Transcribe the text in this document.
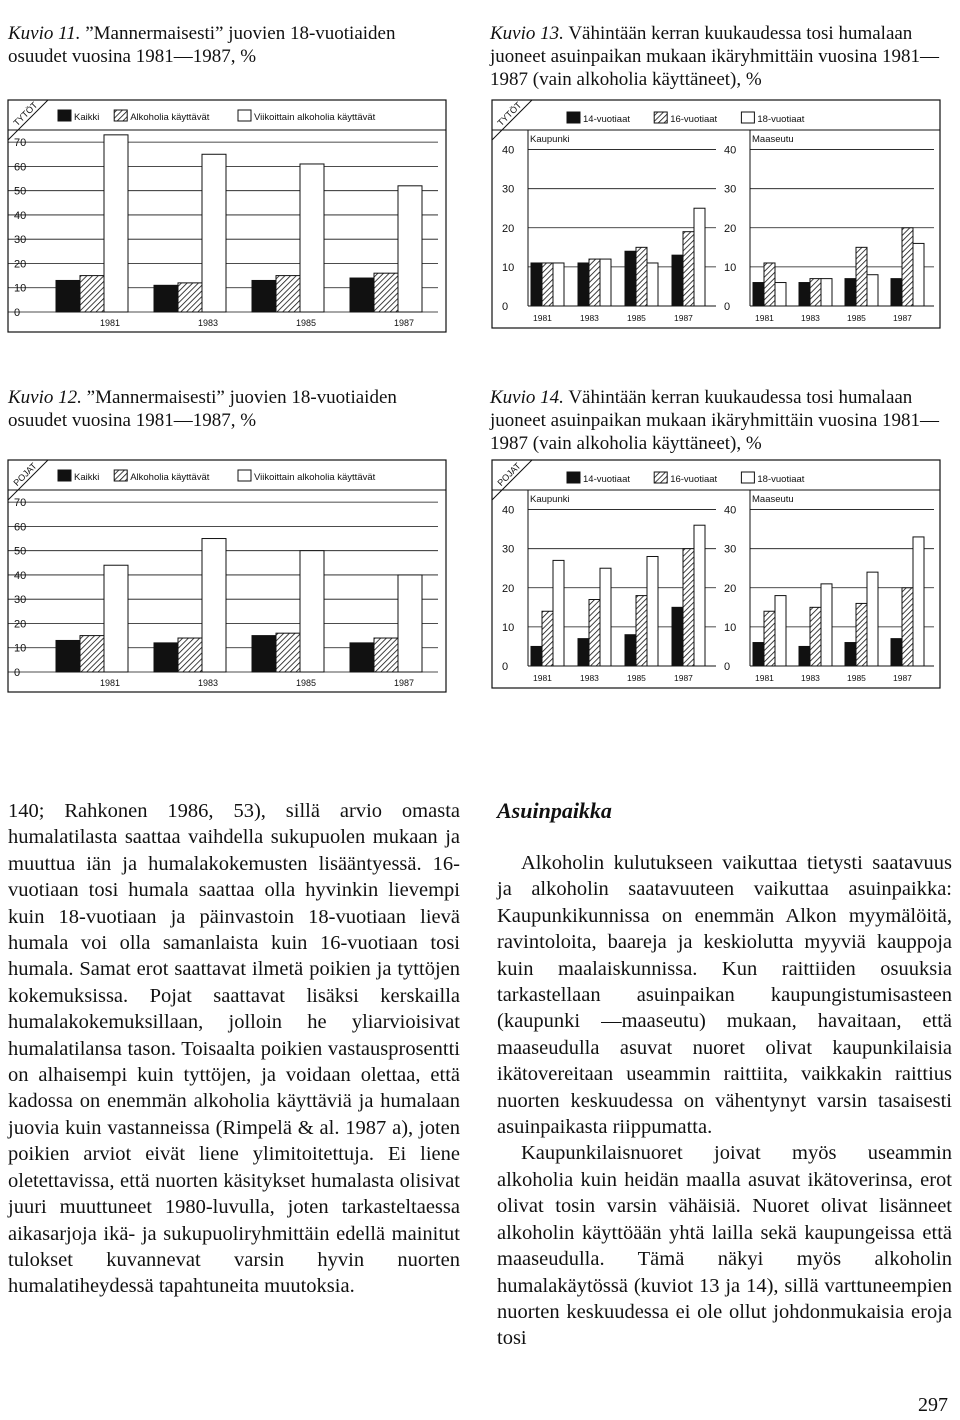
Kuvio 11. ”Mannermaisesti” juovien 18-vuotiaiden osuudet vuosina 1981—1987, %
Kuvio 13. Vähintään kerran kuukaudessa tosi humalaan juoneet asuinpaikan mukaan ikäryhmittäin vuosina 1981—1987 (vain alkoholia käyttäneet), %
Kuvio 12. ”Mannermaisesti” juovien 18-vuotiaiden osuudet vuosina 1981—1987, %
Kuvio 14. Vähintään kerran kuukaudessa tosi humalaan juoneet asuinpaikan mukaan ikäryhmittäin vuosina 1981—1987 (vain alkoholia käyttäneet), %
TYTÖT	Kaikki	Alkoholia käyttävät	Viikoittain alkoholia käyttävät
0
10
20
30
40
50
60
70
1981	1983	1985	1987
POJAT	Kaikki	Alkoholia käyttävät	Viikoittain alkoholia käyttävät
0
10
20
30
40
50
60
70
1981	1983	1985	1987
TYTÖT	14-vuotiaat	16-vuotiaat	18-vuotiaat
Kaupunki
0
10
20
30
40
1981	1983	1985	1987
Maaseutu
0
10
20
30
40
1981	1983	1985	1987
POJAT	14-vuotiaat	16-vuotiaat	18-vuotiaat
Kaupunki
0
10
20
30
40
1981	1983	1985	1987
Maaseutu
0
10
20
30
40
1981	1983	1985	1987

140; Rahkonen 1986, 53), sillä arvio omasta humalatilasta saattaa vaihdella sukupuolen mukaan ja muuttua iän ja humalakokemusten lisääntyessä. 16-vuotiaan tosi humala saattaa olla hyvinkin lievempi kuin 18-vuotiaan ja päinvastoin 18-vuotiaan lievä humala voi olla samanlaista kuin 16-vuotiaan tosi humala. Samat erot saattavat ilmetä poikien ja tyttöjen kokemuksissa. Pojat saattavat lisäksi kerskailla humalakokemuksillaan, jolloin he yliarvioisivat humalatilansa tason. Toisaalta poikien vastausprosentti on alhaisempi kuin tyttöjen, ja voidaan olettaa, että kadossa on enemmän alkoholia käyttäviä ja humalaan juovia kuin vastanneissa (Rimpelä & al. 1987 a), joten poikien arviot eivät liene ylimitoitettuja. Ei liene oletettavissa, että nuorten käsitykset humalasta olisivat juuri muuttuneet 1980-luvulla, joten tarkasteltaessa aikasarjoja ikä- ja sukupuoliryhmittäin edellä mainitut tulokset kuvannevat varsin hyvin nuorten humalatiheydessä tapahtuneita muutoksia.

Asuinpaikka

Alkoholin kulutukseen vaikuttaa tietysti saatavuus ja alkoholin saatavuuteen vaikuttaa asuinpaikka: Kaupunkikunnissa on enemmän Alkon myymälöitä, ravintoloita, baareja ja keskiolutta myyviä kauppoja kuin maalaiskunnissa. Kun raittiiden osuuksia tarkastellaan asuinpaikan kaupungistumisasteen (kaupunki —maaseutu) mukaan, havaitaan, että maaseudulla asuvat nuoret olivat kaupunkilaisia ikätovereitaan useammin raittiita, vaikkakin raittius nuorten keskuudessa on vähentynyt varsin tasaisesti asuinpaikasta riippumatta.

Kaupunkilaisnuoret joivat myös useammin alkoholia kuin heidän maalla asuvat ikätoverinsa, erot olivat tosin varsin vähäisiä. Nuoret olivat lisänneet alkoholin käyttöään yhtä lailla sekä kaupungeissa että maaseudulla. Tämä näkyi myös alkoholin humalakäytössä (kuviot 13 ja 14), sillä varttuneempien nuorten keskuudessa ei ole ollut johdonmukaisia eroja tosi

297
